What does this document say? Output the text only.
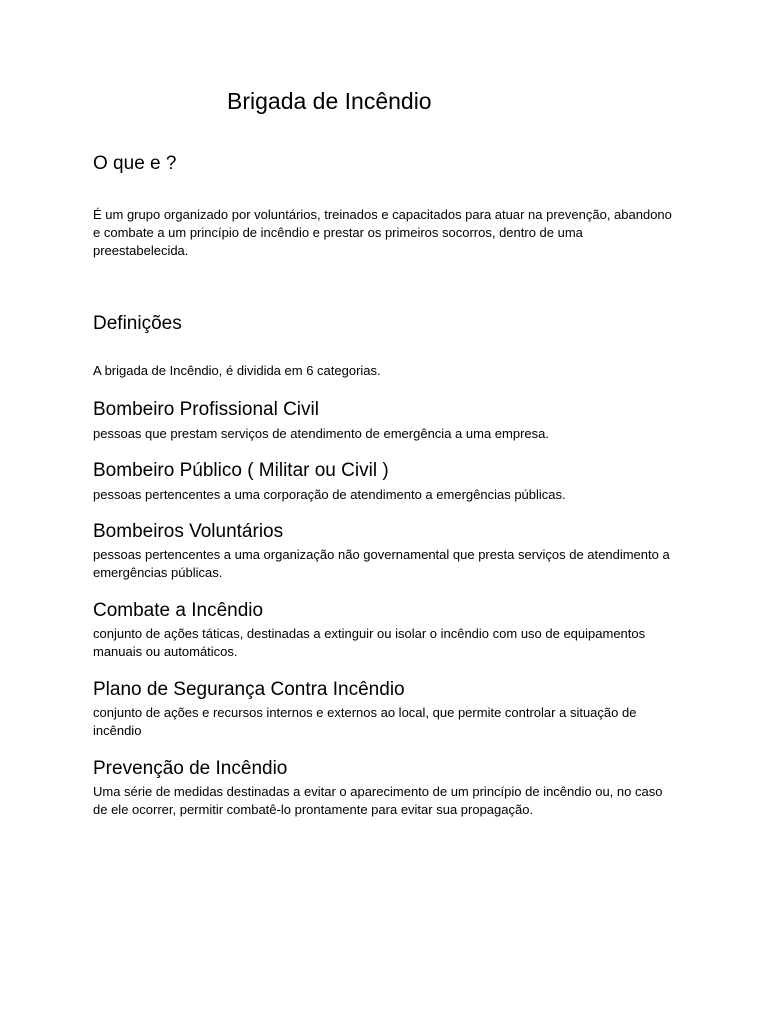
Brigada de Incêndio
O que e ?

É um grupo organizado por voluntários, treinados e capacitados para atuar na prevenção, abandono e combate a um princípio de incêndio e prestar os primeiros socorros, dentro de uma preestabelecida.

Definições

A brigada de Incêndio, é dividida em 6 categorias.

Bombeiro Profissional Civil

pessoas que prestam serviços de atendimento de emergência a uma empresa.

Bombeiro Público ( Militar ou Civil )

pessoas pertencentes a uma corporação de atendimento a emergências públicas.

Bombeiros Voluntários

pessoas pertencentes a uma organização não governamental que presta serviços de atendimento a emergências públicas.

Combate a Incêndio

conjunto de ações táticas, destinadas a extinguir ou isolar o incêndio com uso de equipamentos manuais ou automáticos.

Plano de Segurança Contra Incêndio

conjunto de ações e recursos internos e externos ao local, que permite controlar a situação de incêndio

Prevenção de Incêndio

Uma série de medidas destinadas a evitar o aparecimento de um princípio de incêndio ou, no caso de ele ocorrer, permitir combatê-lo prontamente para evitar sua propagação.
